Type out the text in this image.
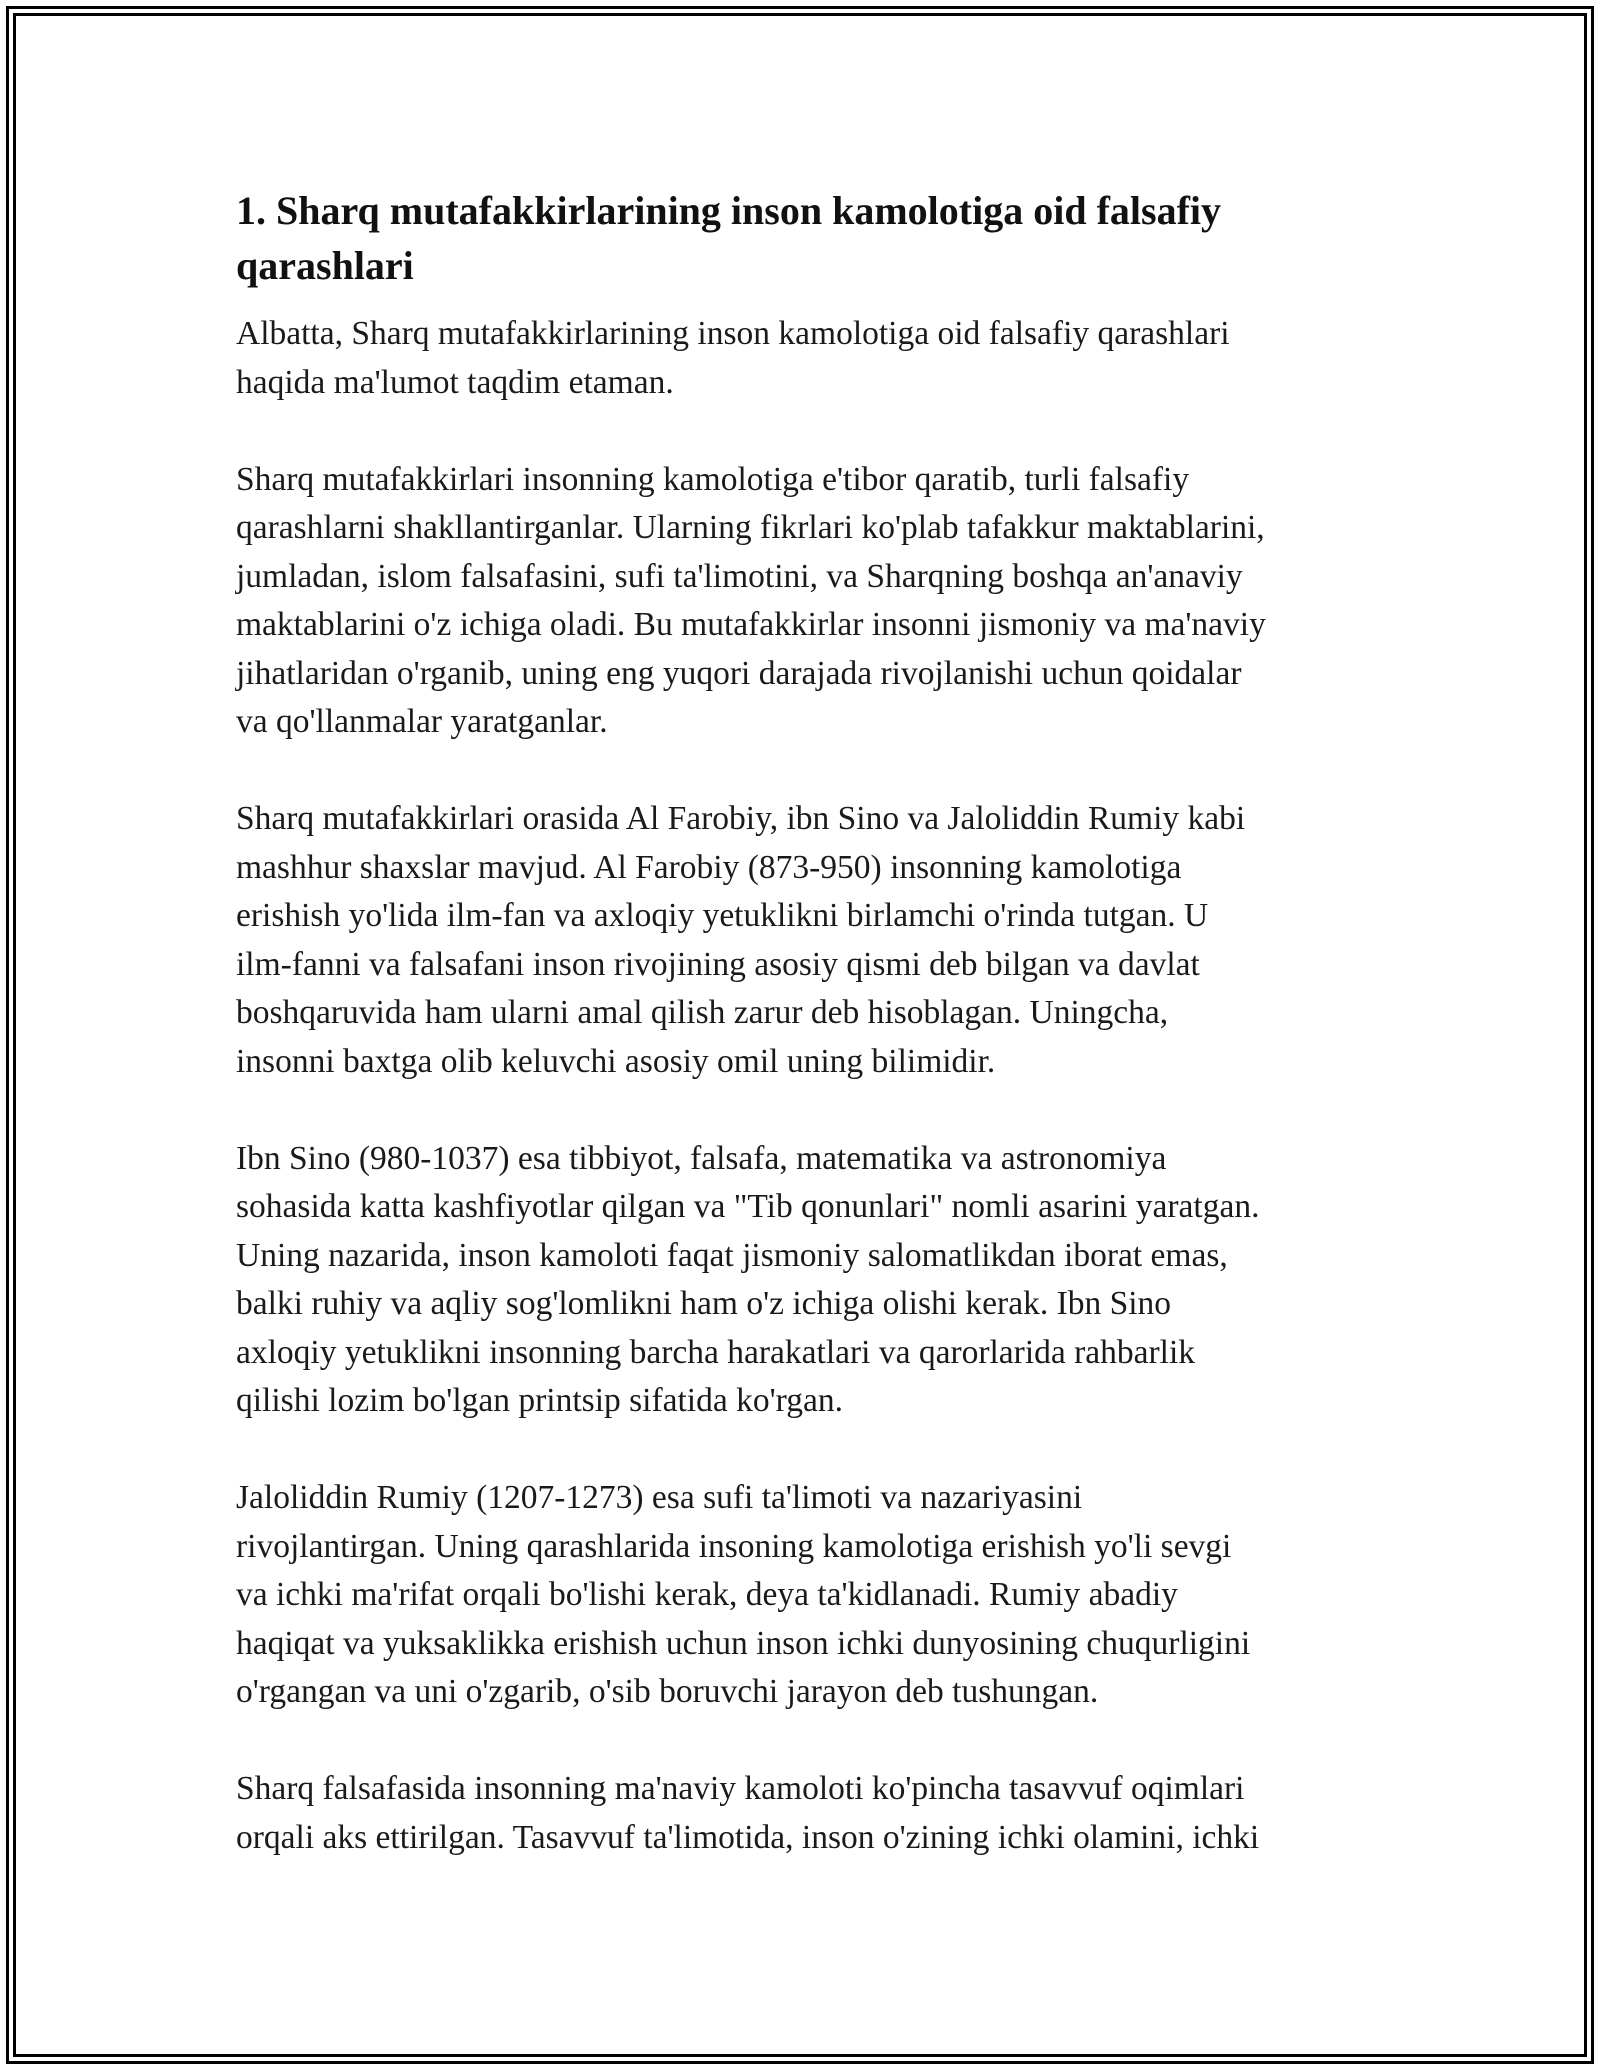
1. Sharq mutafakkirlarining inson kamolotiga oid falsafiy
qarashlari

Albatta, Sharq mutafakkirlarining inson kamolotiga oid falsafiy qarashlari
haqida ma'lumot taqdim etaman.

Sharq mutafakkirlari insonning kamolotiga e'tibor qaratib, turli falsafiy
qarashlarni shakllantirganlar. Ularning fikrlari ko'plab tafakkur maktablarini,
jumladan, islom falsafasini, sufi ta'limotini, va Sharqning boshqa an'anaviy
maktablarini o'z ichiga oladi. Bu mutafakkirlar insonni jismoniy va ma'naviy
jihatlaridan o'rganib, uning eng yuqori darajada rivojlanishi uchun qoidalar
va qo'llanmalar yaratganlar.

Sharq mutafakkirlari orasida Al Farobiy, ibn Sino va Jaloliddin Rumiy kabi
mashhur shaxslar mavjud. Al Farobiy (873-950) insonning kamolotiga
erishish yo'lida ilm-fan va axloqiy yetuklikni birlamchi o'rinda tutgan. U
ilm-fanni va falsafani inson rivojining asosiy qismi deb bilgan va davlat
boshqaruvida ham ularni amal qilish zarur deb hisoblagan. Uningcha,
insonni baxtga olib keluvchi asosiy omil uning bilimidir.

Ibn Sino (980-1037) esa tibbiyot, falsafa, matematika va astronomiya
sohasida katta kashfiyotlar qilgan va "Tib qonunlari" nomli asarini yaratgan.
Uning nazarida, inson kamoloti faqat jismoniy salomatlikdan iborat emas,
balki ruhiy va aqliy sog'lomlikni ham o'z ichiga olishi kerak. Ibn Sino
axloqiy yetuklikni insonning barcha harakatlari va qarorlarida rahbarlik
qilishi lozim bo'lgan printsip sifatida ko'rgan.

Jaloliddin Rumiy (1207-1273) esa sufi ta'limoti va nazariyasini
rivojlantirgan. Uning qarashlarida insoning kamolotiga erishish yo'li sevgi
va ichki ma'rifat orqali bo'lishi kerak, deya ta'kidlanadi. Rumiy abadiy
haqiqat va yuksaklikka erishish uchun inson ichki dunyosining chuqurligini
o'rgangan va uni o'zgarib, o'sib boruvchi jarayon deb tushungan.

Sharq falsafasida insonning ma'naviy kamoloti ko'pincha tasavvuf oqimlari
orqali aks ettirilgan. Tasavvuf ta'limotida, inson o'zining ichki olamini, ichki
